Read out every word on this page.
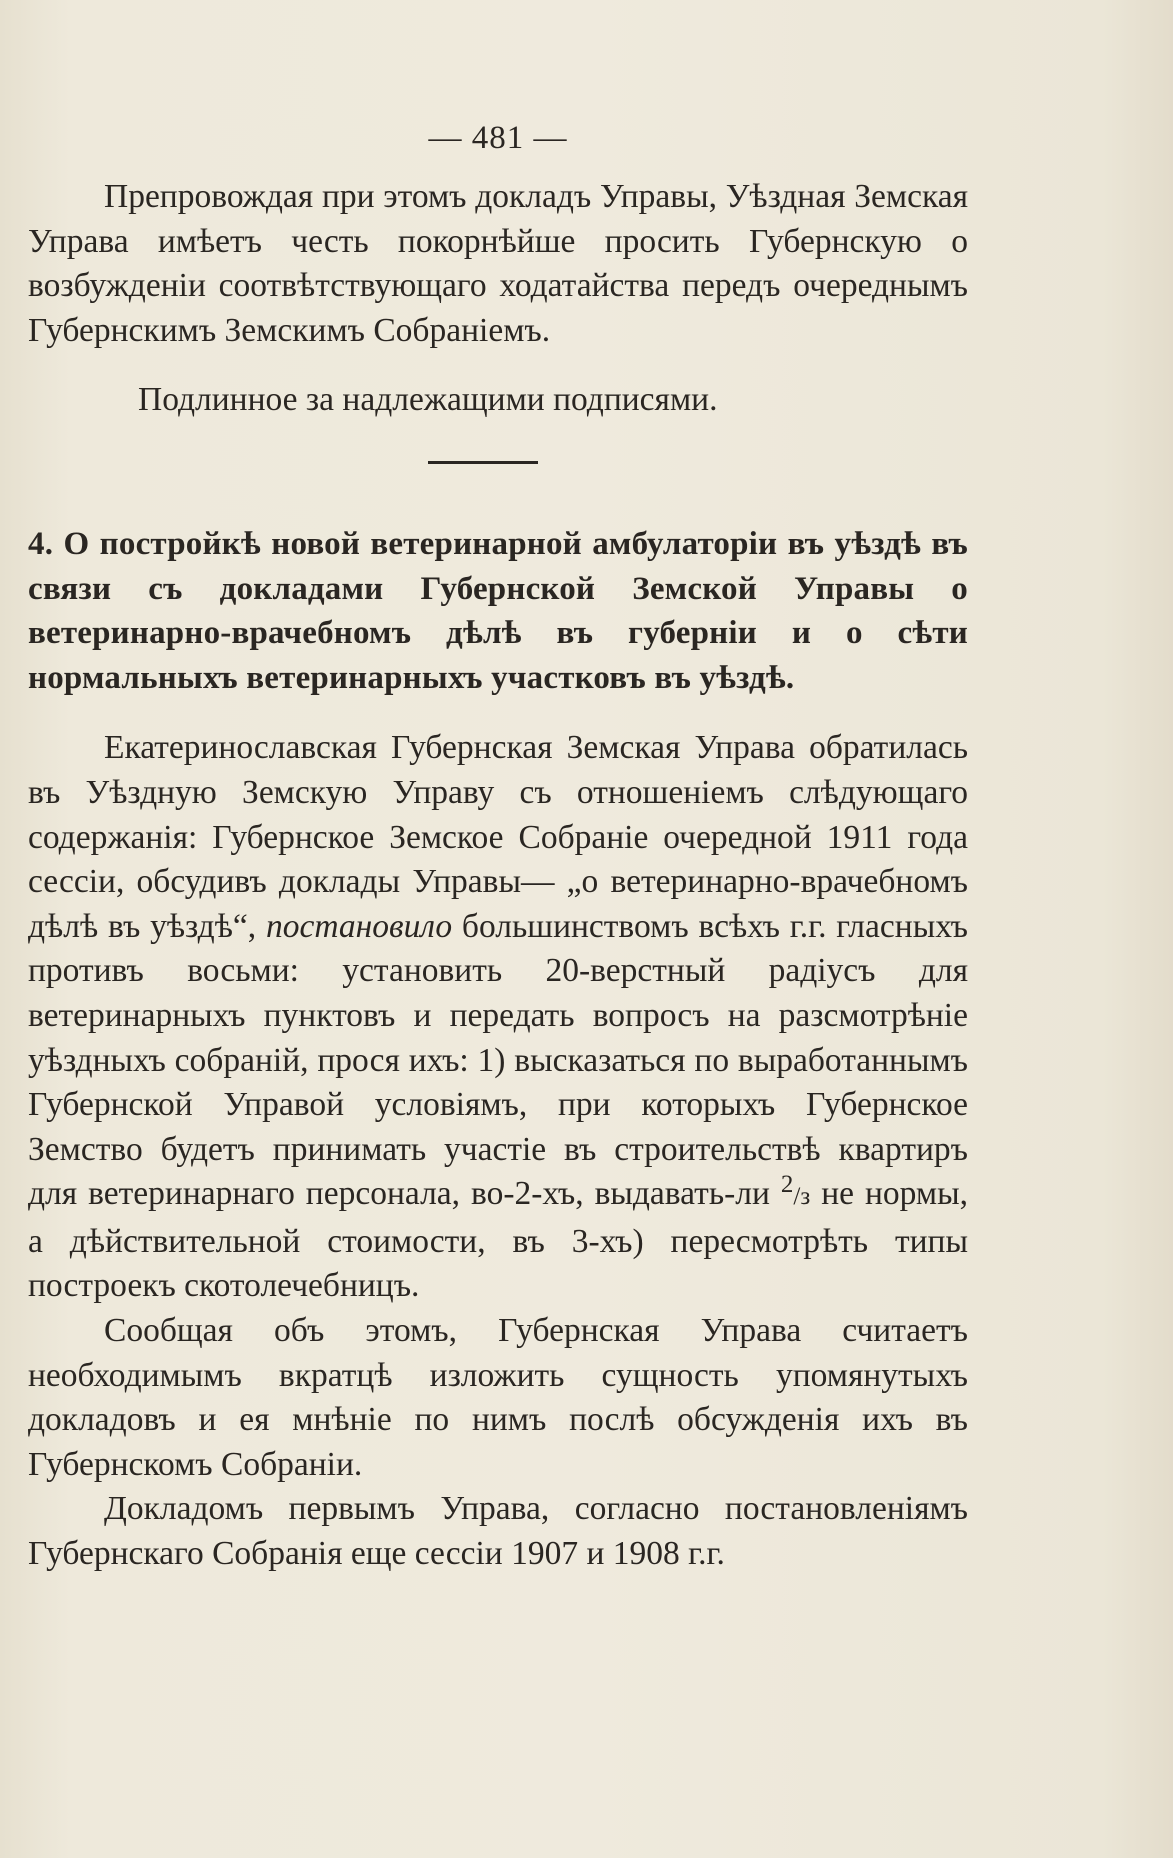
— 481 —

Препровождая при этомъ докладъ Управы, Уѣздная Земская Управа имѣетъ честь покорнѣйше просить Губернскую о возбужденіи соотвѣтствующаго ходатайства передъ очереднымъ Губернскимъ Земскимъ Собраніемъ.

Подлинное за надлежащими подписями.

4. О постройкѣ новой ветеринарной амбулаторіи въ уѣздѣ въ связи съ докладами Губернской Земской Управы о ветеринарно-врачебномъ дѣлѣ въ губерніи и о сѣти нормальныхъ ветеринарныхъ участковъ въ уѣздѣ.

Екатеринославская Губернская Земская Управа обратилась въ Уѣздную Земскую Управу съ отношеніемъ слѣдующаго содержанія: Губернское Земское Собраніе очередной 1911 года сессіи, обсудивъ доклады Управы— „о ветеринарно-врачебномъ дѣлѣ въ уѣздѣ“, постановило большинствомъ всѣхъ г.г. гласныхъ противъ восьми: установить 20-верстный радіусъ для ветеринарныхъ пунктовъ и передать вопросъ на разсмотрѣніе уѣздныхъ собраній, прося ихъ: 1) высказаться по выработаннымъ Губернской Управой условіямъ, при которыхъ Губернское Земство будетъ принимать участіе въ строительствѣ квартиръ для ветеринарнаго персонала, во-2-хъ, выдавать-ли $^2$/з не нормы, а дѣйствительной стоимости, въ 3-хъ) пересмотрѣть типы построекъ скотолечебницъ.

Сообщая объ этомъ, Губернская Управа считаетъ необходимымъ вкратцѣ изложить сущность упомянутыхъ докладовъ и ея мнѣніе по нимъ послѣ обсужденія ихъ въ Губернскомъ Собраніи.

Докладомъ первымъ Управа, согласно постановленіямъ Губернскаго Собранія еще сессіи 1907 и 1908 г.г.
